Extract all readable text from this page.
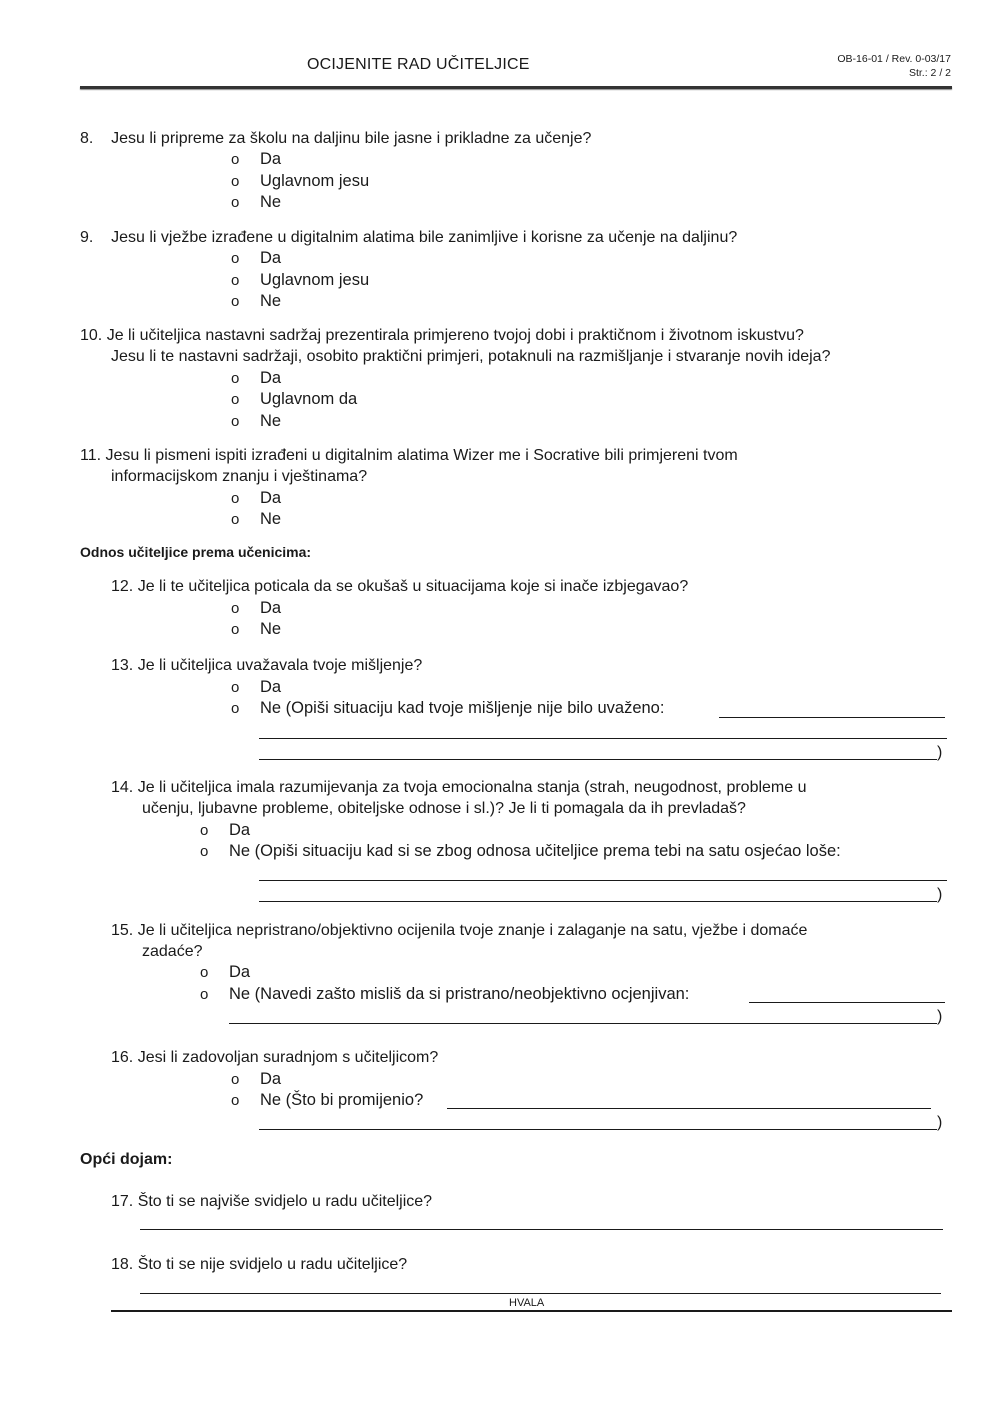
OCIJENITE RAD UČITELJICE	OB-16-01 / Rev. 0-03/17
Str.: 2 / 2
8.    Jesu li pripreme za školu na daljinu bile jasne i prikladne za učenje?
o Da
o Uglavnom jesu
o Ne
9.    Jesu li vježbe izrađene u digitalnim alatima bile zanimljive i korisne za učenje na daljinu?
o Da
o Uglavnom jesu
o Ne
10. Je li učiteljica nastavni sadržaj prezentirala primjereno tvojoj dobi i praktičnom i životnom iskustvu?
Jesu li te nastavni sadržaji, osobito praktični primjeri, potaknuli na razmišljanje i stvaranje novih ideja?
o Da
o Uglavnom da
o Ne
11. Jesu li pismeni ispiti izrađeni u digitalnim alatima Wizer me i Socrative bili primjereni tvom
informacijskom znanju i vještinama?
o Da
o Ne
Odnos učiteljice prema učenicima:
12. Je li te učiteljica poticala da se okušaš u situacijama koje si inače izbjegavao?
o Da
o Ne
13. Je li učiteljica uvažavala tvoje mišljenje?
o Da
o Ne (Opiši situaciju kad tvoje mišljenje nije bilo uvaženo:
)
14. Je li učiteljica imala razumijevanja za tvoja emocionalna stanja (strah, neugodnost, probleme u
učenju, ljubavne probleme, obiteljske odnose i sl.)? Je li ti pomagala da ih prevladaš?
o Da
o Ne (Opiši situaciju kad si se zbog odnosa učiteljice prema tebi na satu osjećao loše:
)
15. Je li učiteljica nepristrano/objektivno ocijenila tvoje znanje i zalaganje na satu, vježbe i domaće
zadaće?
o Da
o Ne (Navedi zašto misliš da si pristrano/neobjektivno ocjenjivan:
)
16. Jesi li zadovoljan suradnjom s učiteljicom?
o Da
o Ne (Što bi promijenio?
)
Opći dojam:
17. Što ti se najviše svidjelo u radu učiteljice?
18. Što ti se nije svidjelo u radu učiteljice?
HVALA
